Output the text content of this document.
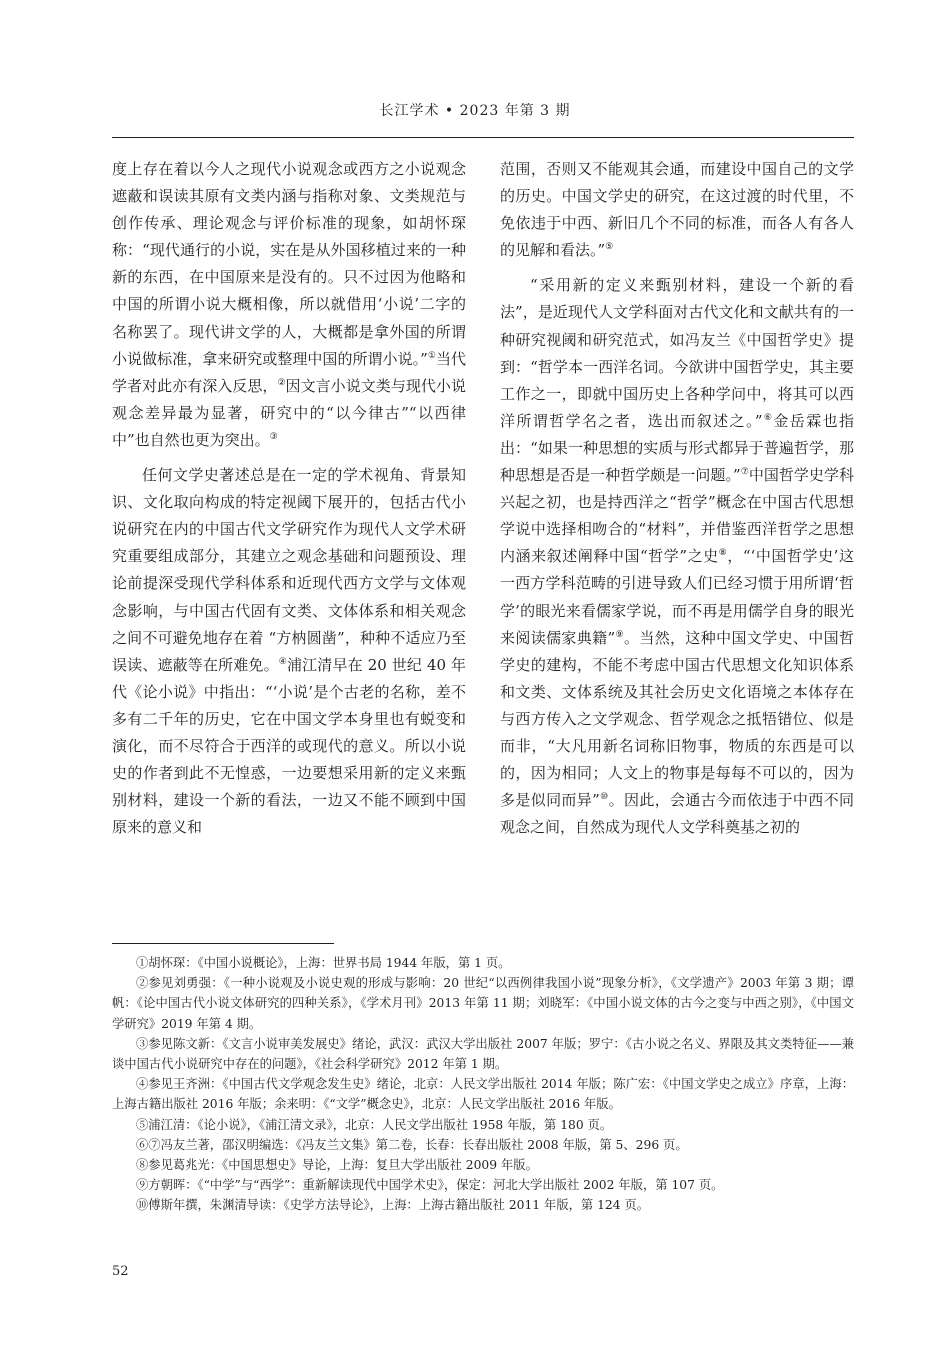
长江学术 • 2023 年第 3 期

度上存在着以今人之现代小说观念或西方之小说观念遮蔽和误读其原有文类内涵与指称对象、文类规范与创作传承、理论观念与评价标准的现象，如胡怀琛称：“现代通行的小说，实在是从外国移植过来的一种新的东西，在中国原来是没有的。只不过因为他略和中国的所谓小说大概相像，所以就借用‘小说’二字的名称罢了。现代讲文学的人，大概都是拿外国的所谓小说做标准，拿来研究或整理中国的所谓小说。”①当代学者对此亦有深入反思，②因文言小说文类与现代小说观念差异最为显著，研究中的“以今律古”“以西律中”也自然也更为突出。③

任何文学史著述总是在一定的学术视角、背景知识、文化取向构成的特定视阈下展开的，包括古代小说研究在内的中国古代文学研究作为现代人文学术研究重要组成部分，其建立之观念基础和问题预设、理论前提深受现代学科体系和近现代西方文学与文体观念影响，与中国古代固有文类、文体体系和相关观念之间不可避免地存在着 “方枘圆凿”，种种不适应乃至误读、遮蔽等在所难免。④浦江清早在 20 世纪 40 年代《论小说》中指出：“‘小说’是个古老的名称，差不多有二千年的历史，它在中国文学本身里也有蜕变和演化，而不尽符合于西洋的或现代的意义。所以小说史的作者到此不无惶惑，一边要想采用新的定义来甄别材料，建设一个新的看法，一边又不能不顾到中国原来的意义和

范围，否则又不能观其会通，而建设中国自己的文学的历史。中国文学史的研究，在这过渡的时代里，不免依违于中西、新旧几个不同的标准，而各人有各人的见解和看法。”⑤

“采用新的定义来甄别材料，建设一个新的看法”，是近现代人文学科面对古代文化和文献共有的一种研究视阈和研究范式，如冯友兰《中国哲学史》提到：“哲学本一西洋名词。今欲讲中国哲学史，其主要工作之一，即就中国历史上各种学问中，将其可以西洋所谓哲学名之者，选出而叙述之。”⑥金岳霖也指出：“如果一种思想的实质与形式都异于普遍哲学，那种思想是否是一种哲学颇是一问题。”⑦中国哲学史学科兴起之初，也是持西洋之“哲学”概念在中国古代思想学说中选择相吻合的“材料”，并借鉴西洋哲学之思想内涵来叙述阐释中国“哲学”之史⑧，“‘中国哲学史’这一西方学科范畴的引进导致人们已经习惯于用所谓‘哲学’的眼光来看儒家学说，而不再是用儒学自身的眼光来阅读儒家典籍”⑨。当然，这种中国文学史、中国哲学史的建构，不能不考虑中国古代思想文化知识体系和文类、文体系统及其社会历史文化语境之本体存在与西方传入之文学观念、哲学观念之抵牾错位、似是而非，“大凡用新名词称旧物事，物质的东西是可以的，因为相同；人文上的物事是每每不可以的，因为多是似同而异”⑩。因此，会通古今而依违于中西不同观念之间，自然成为现代人文学科奠基之初的

①胡怀琛：《中国小说概论》，上海：世界书局 1944 年版，第 1 页。

②参见刘勇强：《一种小说观及小说史观的形成与影响：20 世纪“以西例律我国小说”现象分析》，《文学遗产》2003 年第 3 期；谭帆：《论中国古代小说文体研究的四种关系》，《学术月刊》2013 年第 11 期；刘晓军：《中国小说文体的古今之变与中西之别》，《中国文学研究》2019 年第 4 期。

③参见陈文新：《文言小说审美发展史》绪论，武汉：武汉大学出版社 2007 年版；罗宁：《古小说之名义、界限及其文类特征——兼谈中国古代小说研究中存在的问题》，《社会科学研究》2012 年第 1 期。

④参见王齐洲：《中国古代文学观念发生史》绪论，北京：人民文学出版社 2014 年版；陈广宏：《中国文学史之成立》序章，上海：上海古籍出版社 2016 年版；余来明：《“文学”概念史》，北京：人民文学出版社 2016 年版。

⑤浦江清：《论小说》，《浦江清文录》，北京：人民文学出版社 1958 年版，第 180 页。

⑥⑦冯友兰著，邵汉明编选：《冯友兰文集》第二卷，长春：长春出版社 2008 年版，第 5、296 页。

⑧参见葛兆光：《中国思想史》导论，上海：复旦大学出版社 2009 年版。

⑨方朝晖：《“中学”与“西学”：重新解读现代中国学术史》，保定：河北大学出版社 2002 年版，第 107 页。

⑩傅斯年撰，朱渊清导读：《史学方法导论》，上海：上海古籍出版社 2011 年版，第 124 页。

52
